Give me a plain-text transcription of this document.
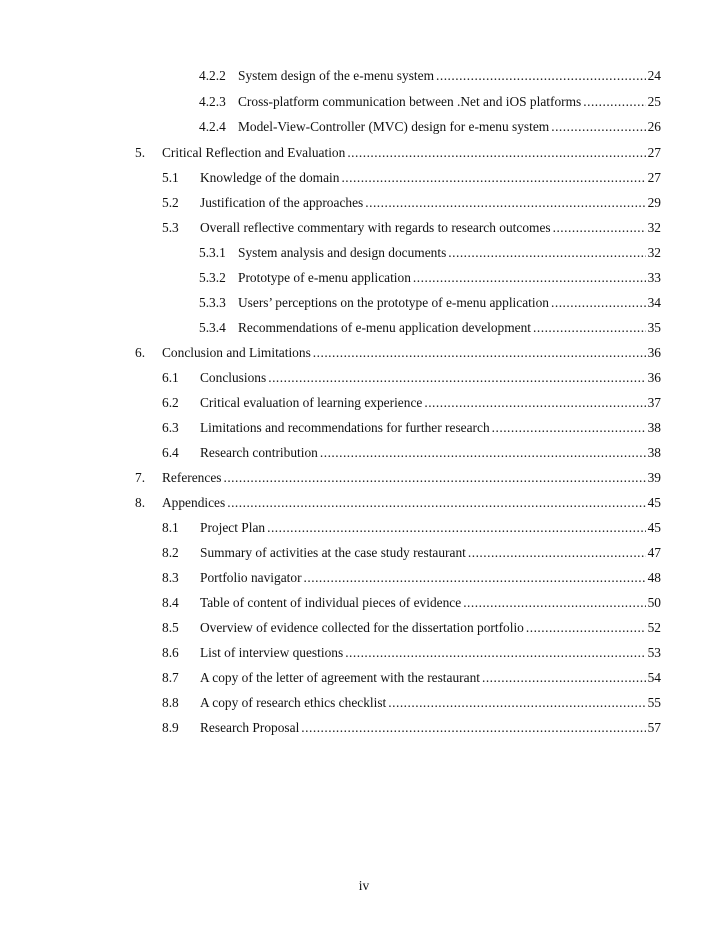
4.2.2 System design of the e-menu system .....	24
4.2.3 Cross-platform communication between .Net and iOS platforms .....	25
4.2.4 Model-View-Controller (MVC) design for e-menu system .....	26
5.	Critical Reflection and Evaluation .....	27
5.1	Knowledge of the domain .....	27
5.2	Justification of the approaches .....	29
5.3	Overall reflective commentary with regards to research outcomes .....	32
5.3.1 System analysis and design documents .....	32
5.3.2 Prototype of e-menu application .....	33
5.3.3 Users’ perceptions on the prototype of e-menu application .....	34
5.3.4 Recommendations of e-menu application development .....	35
6.	Conclusion and Limitations .....	36
6.1	Conclusions .....	36
6.2	Critical evaluation of learning experience .....	37
6.3	Limitations and recommendations for further research .....	38
6.4	Research contribution .....	38
7.	References .....	39
8.	Appendices .....	45
8.1	Project Plan .....	45
8.2	Summary of activities at the case study restaurant .....	47
8.3	Portfolio navigator .....	48
8.4	Table of content of individual pieces of evidence .....	50
8.5	Overview of evidence collected for the dissertation portfolio .....	52
8.6	List of interview questions .....	53
8.7	A copy of the letter of agreement with the restaurant .....	54
8.8	A copy of research ethics checklist .....	55
8.9	Research Proposal .....	57
iv
